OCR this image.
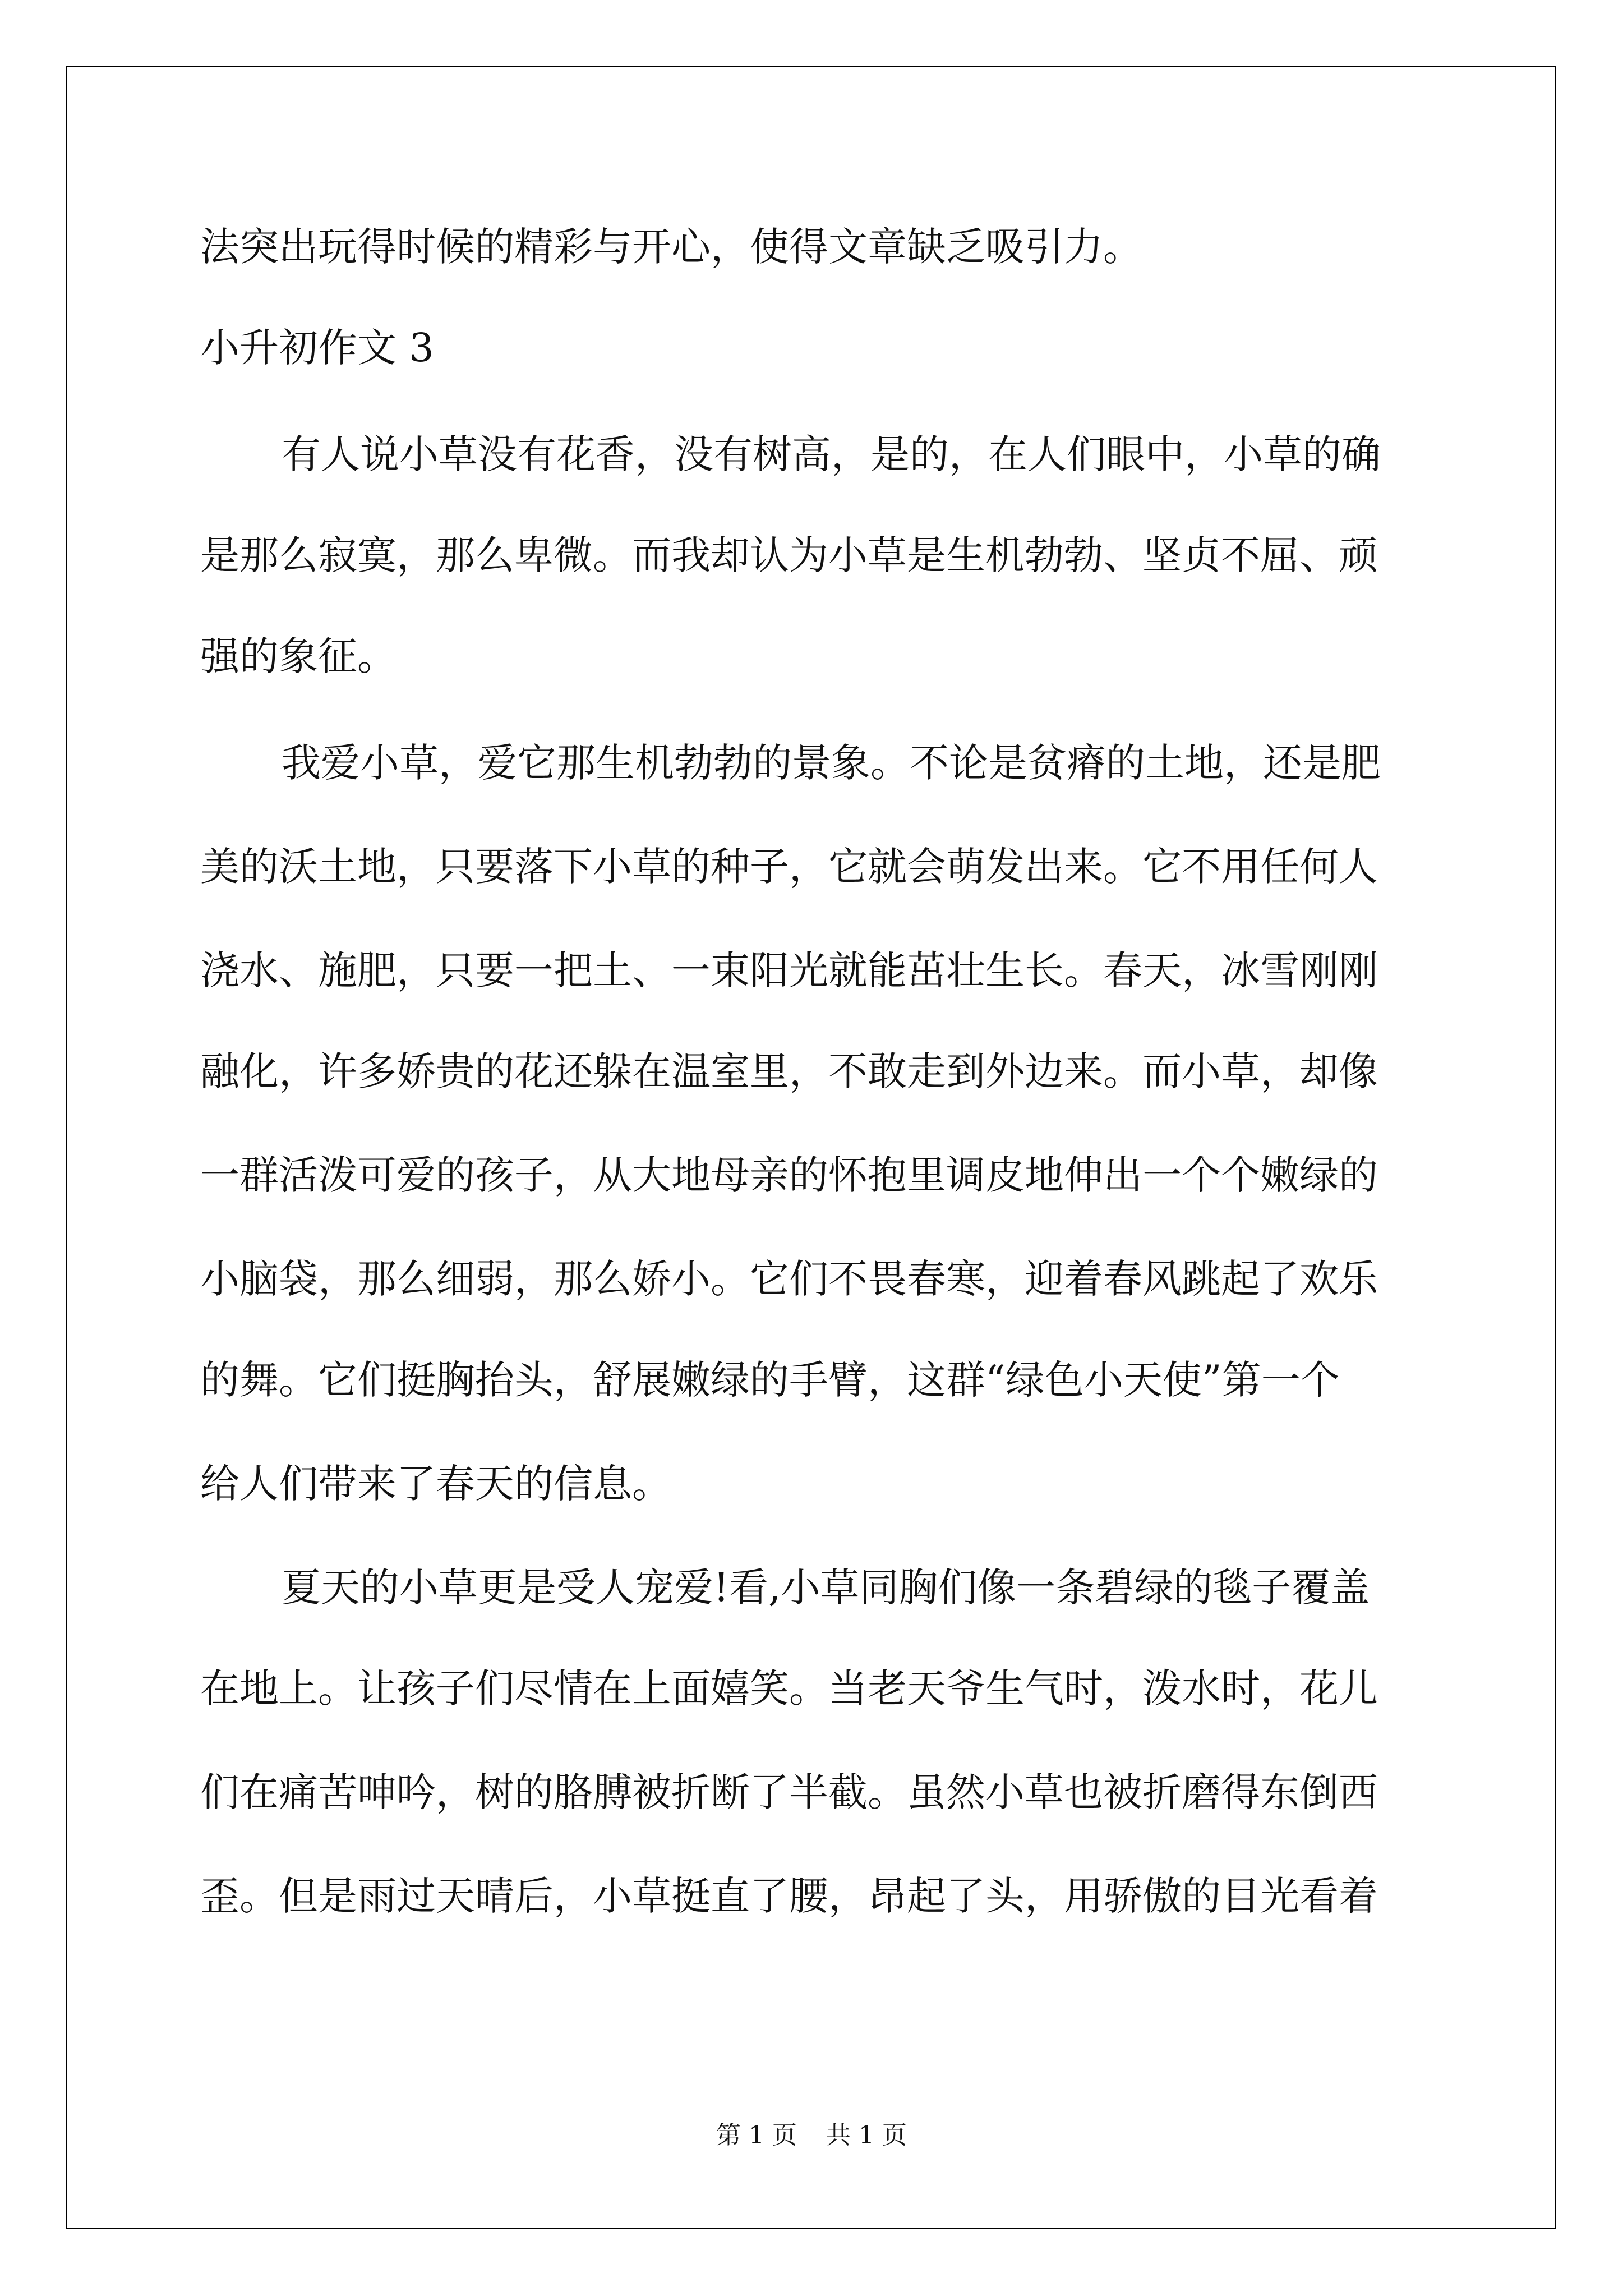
法突出玩得时候的精彩与开心，使得文章缺乏吸引力。
小升初作文 3
有人说小草没有花香，没有树高，是的，在人们眼中，小草的确
是那么寂寞，那么卑微。而我却认为小草是生机勃勃、坚贞不屈、顽
强的象征。
我爱小草，爱它那生机勃勃的景象。不论是贫瘠的土地，还是肥
美的沃土地，只要落下小草的种子，它就会萌发出来。它不用任何人
浇水、施肥，只要一把土、一束阳光就能茁壮生长。春天，冰雪刚刚
融化，许多娇贵的花还躲在温室里，不敢走到外边来。而小草，却像
一群活泼可爱的孩子，从大地母亲的怀抱里调皮地伸出一个个嫩绿的
小脑袋，那么细弱，那么娇小。它们不畏春寒，迎着春风跳起了欢乐
的舞。它们挺胸抬头，舒展嫩绿的手臂，这群“绿色小天使”第一个
给人们带来了春天的信息。
夏天的小草更是受人宠爱!看,小草同胸们像一条碧绿的毯子覆盖
在地上。让孩子们尽情在上面嬉笑。当老天爷生气时，泼水时，花儿
们在痛苦呻吟，树的胳膊被折断了半截。虽然小草也被折磨得东倒西
歪。但是雨过天晴后，小草挺直了腰，昂起了头，用骄傲的目光看着
第 1 页 共 1 页
